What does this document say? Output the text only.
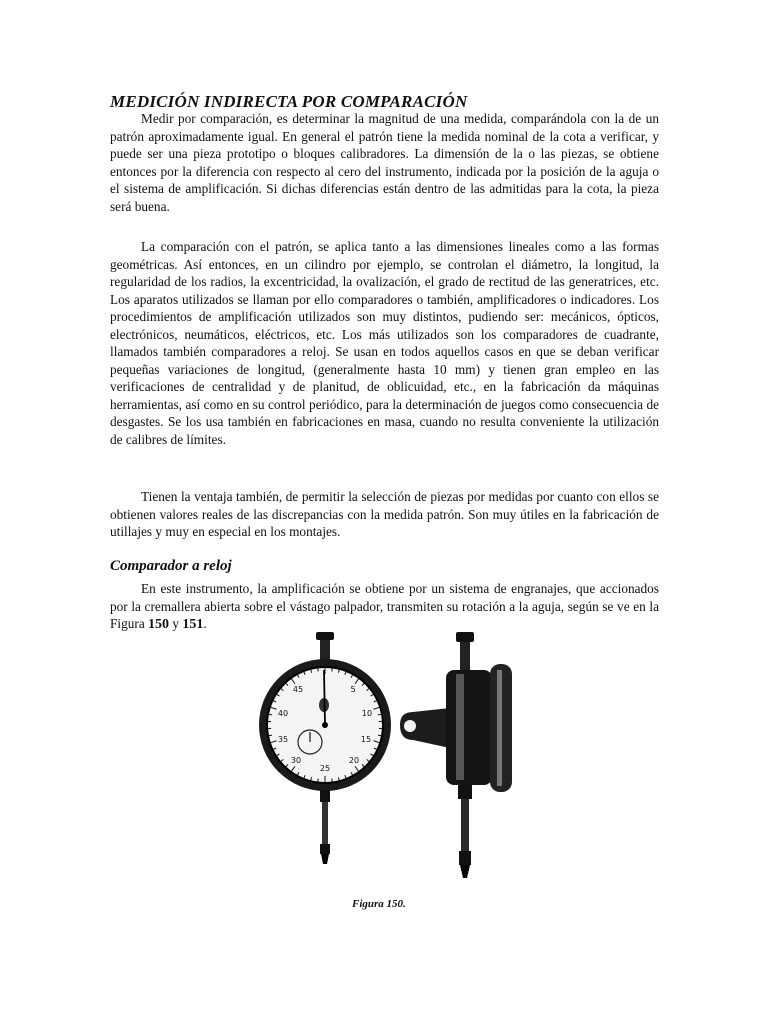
MEDICIÓN INDIRECTA POR COMPARACIÓN

Medir por comparación, es determinar la magnitud de una medida, comparándola con la de un patrón aproximadamente igual. En general el patrón tiene la medida nominal de la cota a verificar, y puede ser una pieza prototipo o bloques calibradores. La dimensión de la o las piezas, se obtiene entonces por la diferencia con respecto al cero del instrumento, indicada por la posición de la aguja o el sistema de amplificación. Si dichas diferencias están dentro de las admitidas para la cota, la pieza será buena.

La comparación con el patrón, se aplica tanto a las dimensiones lineales como a las formas geométricas. Así entonces, en un cilindro por ejemplo, se controlan el diámetro, la longitud, la regularidad de los radios, la excentricidad, la ovalización, el grado de rectitud de las generatrices, etc. Los aparatos utilizados se llaman por ello comparadores o también, amplificadores o indicadores. Los procedimientos de amplificación utilizados son muy distintos, pudiendo ser: mecánicos, ópticos, electrónicos, neumáticos, eléctricos, etc. Los más utilizados son los comparadores de cuadrante, llamados también comparadores a reloj. Se usan en todos aquellos casos en que se deban verificar pequeñas variaciones de longitud, (generalmente hasta 10 mm) y tienen gran empleo en las verificaciones de centralidad y de planitud, de oblicuidad, etc., en la fabricación da máquinas herramientas, así como en su control periódico, para la determinación de juegos como consecuencia de desgastes. Se los usa también en fabricaciones en masa, cuando no resulta conveniente la utilización de calibres de límites.

Tienen la ventaja también, de permitir la selección de piezas por medidas por cuanto con ellos se obtienen valores reales de las discrepancias con la medida patrón. Son muy útiles en la fabricación de utillajes y muy en especial en los montajes.

Comparador a reloj

En este instrumento, la amplificación se obtiene por un sistema de engranajes, que accionados por la cremallera abierta sobre el vástago palpador, transmiten su rotación a la aguja, según se ve en la Figura 150 y 151.

45	5
40	10
35	15
30	20
25

Figura 150.
